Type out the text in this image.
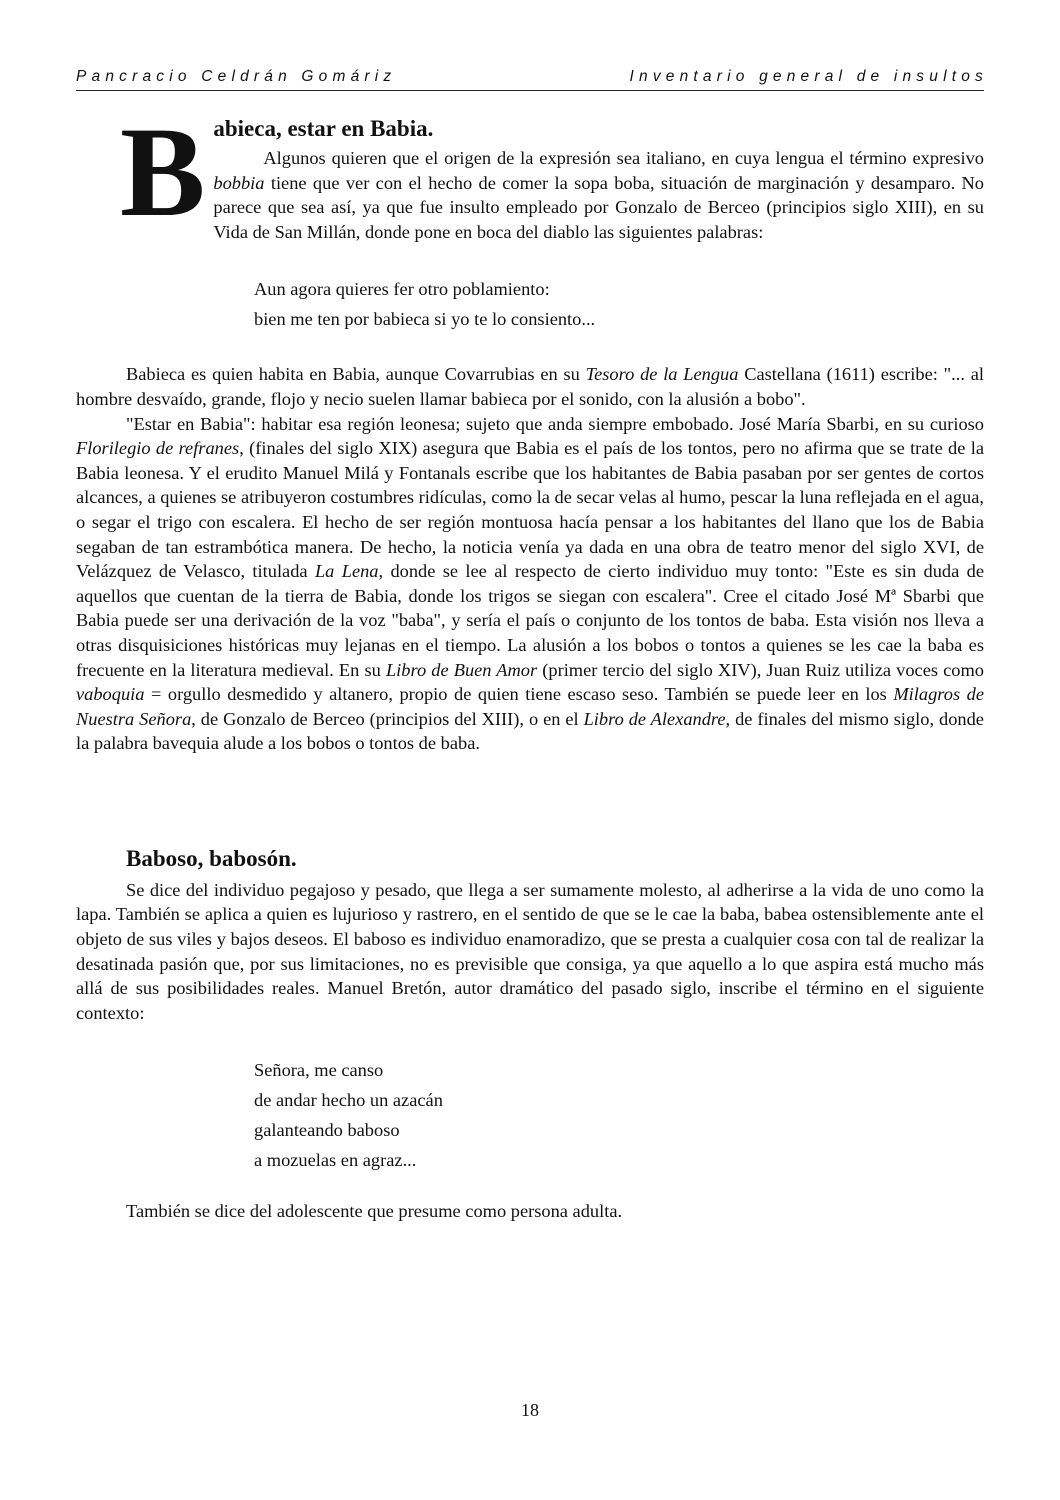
Pancracio Celdrán Gomáriz	Inventario general de insultos
B abieca, estar en Babia.

Algunos quieren que el origen de la expresión sea italiano, en cuya lengua el término expresivo bobbia tiene que ver con el hecho de comer la sopa boba, situación de marginación y desamparo. No parece que sea así, ya que fue insulto empleado por Gonzalo de Berceo (principios siglo XIII), en su Vida de San Millán, donde pone en boca del diablo las siguientes palabras:

Aun agora quieres fer otro poblamiento:
bien me ten por babieca si yo te lo consiento...

Babieca es quien habita en Babia, aunque Covarrubias en su Tesoro de la Lengua Castellana (1611) escribe: "... al hombre desvaído, grande, flojo y necio suelen llamar babieca por el sonido, con la alusión a bobo".

"Estar en Babia": habitar esa región leonesa; sujeto que anda siempre embobado. José María Sbarbi, en su curioso Florilegio de refranes, (finales del siglo XIX) asegura que Babia es el país de los tontos, pero no afirma que se trate de la Babia leonesa. Y el erudito Manuel Milá y Fontanals escribe que los habitantes de Babia pasaban por ser gentes de cortos alcances, a quienes se atribuyeron costumbres ridículas, como la de secar velas al humo, pescar la luna reflejada en el agua, o segar el trigo con escalera. El hecho de ser región montuosa hacía pensar a los habitantes del llano que los de Babia segaban de tan estrambótica manera. De hecho, la noticia venía ya dada en una obra de teatro menor del siglo XVI, de Velázquez de Velasco, titulada La Lena, donde se lee al respecto de cierto individuo muy tonto: "Este es sin duda de aquellos que cuentan de la tierra de Babia, donde los trigos se siegan con escalera". Cree el citado José Mª Sbarbi que Babia puede ser una derivación de la voz "baba", y sería el país o conjunto de los tontos de baba. Esta visión nos lleva a otras disquisiciones históricas muy lejanas en el tiempo. La alusión a los bobos o tontos a quienes se les cae la baba es frecuente en la literatura medieval. En su Libro de Buen Amor (primer tercio del siglo XIV), Juan Ruiz utiliza voces como vaboquia = orgullo desmedido y altanero, propio de quien tiene escaso seso. También se puede leer en los Milagros de Nuestra Señora, de Gonzalo de Berceo (principios del XIII), o en el Libro de Alexandre, de finales del mismo siglo, donde la palabra bavequia alude a los bobos o tontos de baba.

Baboso, babosón.

Se dice del individuo pegajoso y pesado, que llega a ser sumamente molesto, al adherirse a la vida de uno como la lapa. También se aplica a quien es lujurioso y rastrero, en el sentido de que se le cae la baba, babea ostensiblemente ante el objeto de sus viles y bajos deseos. El baboso es individuo enamoradizo, que se presta a cualquier cosa con tal de realizar la desatinada pasión que, por sus limitaciones, no es previsible que consiga, ya que aquello a lo que aspira está mucho más allá de sus posibilidades reales. Manuel Bretón, autor dramático del pasado siglo, inscribe el término en el siguiente contexto:

Señora, me canso
de andar hecho un azacán
galanteando baboso
a mozuelas en agraz...

También se dice del adolescente que presume como persona adulta.

18
